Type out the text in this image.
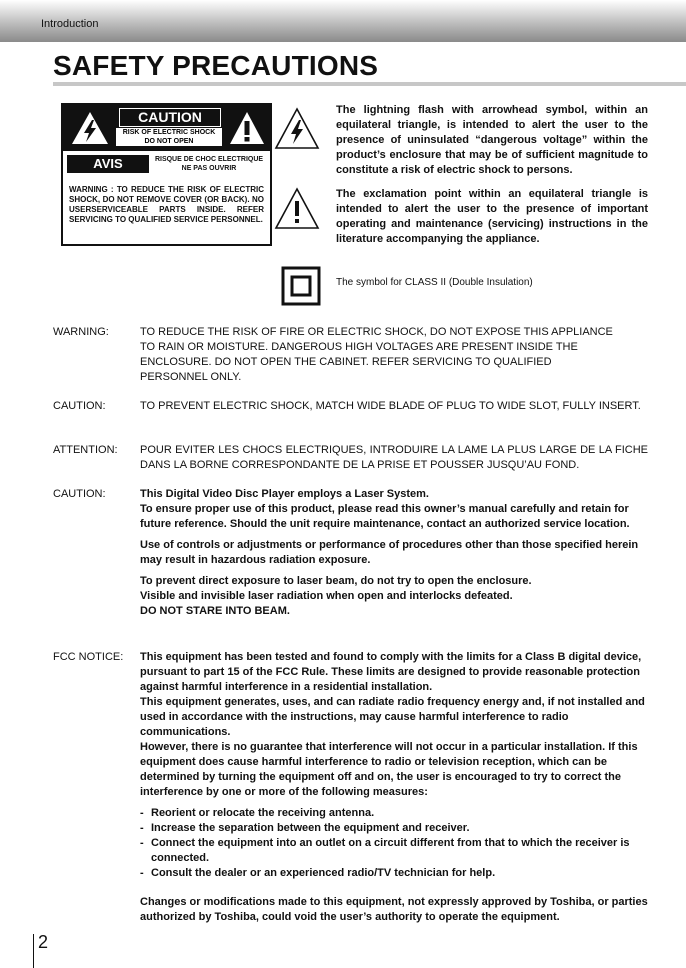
Introduction
SAFETY PRECAUTIONS
CAUTION
RISK OF ELECTRIC SHOCK
DO NOT OPEN
AVIS	RISQUE DE CHOC ELECTRIQUE NE PAS OUVRIR
WARNING : TO REDUCE THE RISK OF ELECTRIC SHOCK, DO NOT REMOVE COVER (OR BACK). NO USERSERVICEABLE PARTS INSIDE. REFER SERVICING TO QUALIFIED SERVICE PERSONNEL.
The lightning flash with arrowhead symbol, within an equilateral triangle, is intended to alert the user to the presence of uninsulated “dangerous voltage” within the product’s enclosure that may be of sufficient magnitude to constitute a risk of electric shock to persons.
The exclamation point within an equilateral triangle is intended to alert the user to the presence of important operating and maintenance (servicing) instructions in the literature accompanying the appliance.
The symbol for CLASS II (Double Insulation)
WARNING:	TO REDUCE THE RISK OF FIRE OR ELECTRIC SHOCK, DO NOT EXPOSE THIS APPLIANCE TO RAIN OR MOISTURE. DANGEROUS HIGH VOLTAGES ARE PRESENT INSIDE THE ENCLOSURE. DO NOT OPEN THE CABINET. REFER SERVICING TO QUALIFIED PERSONNEL ONLY.
CAUTION:	TO PREVENT ELECTRIC SHOCK, MATCH WIDE BLADE OF PLUG TO WIDE SLOT, FULLY INSERT.
ATTENTION: POUR EVITER LES CHOCS ELECTRIQUES, INTRODUIRE LA LAME LA PLUS LARGE DE LA FICHE DANS LA BORNE CORRESPONDANTE DE LA PRISE ET POUSSER JUSQU’AU FOND.
CAUTION:	This Digital Video Disc Player employs a Laser System.

To ensure proper use of this product, please read this owner’s manual carefully and retain for future reference. Should the unit require maintenance, contact an authorized service location.

Use of controls or adjustments or performance of procedures other than those specified herein may result in hazardous radiation exposure.

To prevent direct exposure to laser beam, do not try to open the enclosure.

Visible and invisible laser radiation when open and interlocks defeated.

DO NOT STARE INTO BEAM.

FCC NOTICE: This equipment has been tested and found to comply with the limits for a Class B digital device, pursuant to part 15 of the FCC Rule. These limits are designed to provide reasonable protection against harmful interference in a residential installation.

This equipment generates, uses, and can radiate radio frequency energy and, if not installed and used in accordance with the instructions, may cause harmful interference to radio communications.

However, there is no guarantee that interference will not occur in a particular installation. If this equipment does cause harmful interference to radio or television reception, which can be determined by turning the equipment off and on, the user is encouraged to try to correct the interference by one or more of the following measures:

- Reorient or relocate the receiving antenna.
- Increase the separation between the equipment and receiver.
- Connect the equipment into an outlet on a circuit different from that to which the receiver is connected.
- Consult the dealer or an experienced radio/TV technician for help.

Changes or modifications made to this equipment, not expressly approved by Toshiba, or parties authorized by Toshiba, could void the user’s authority to operate the equipment.

2
